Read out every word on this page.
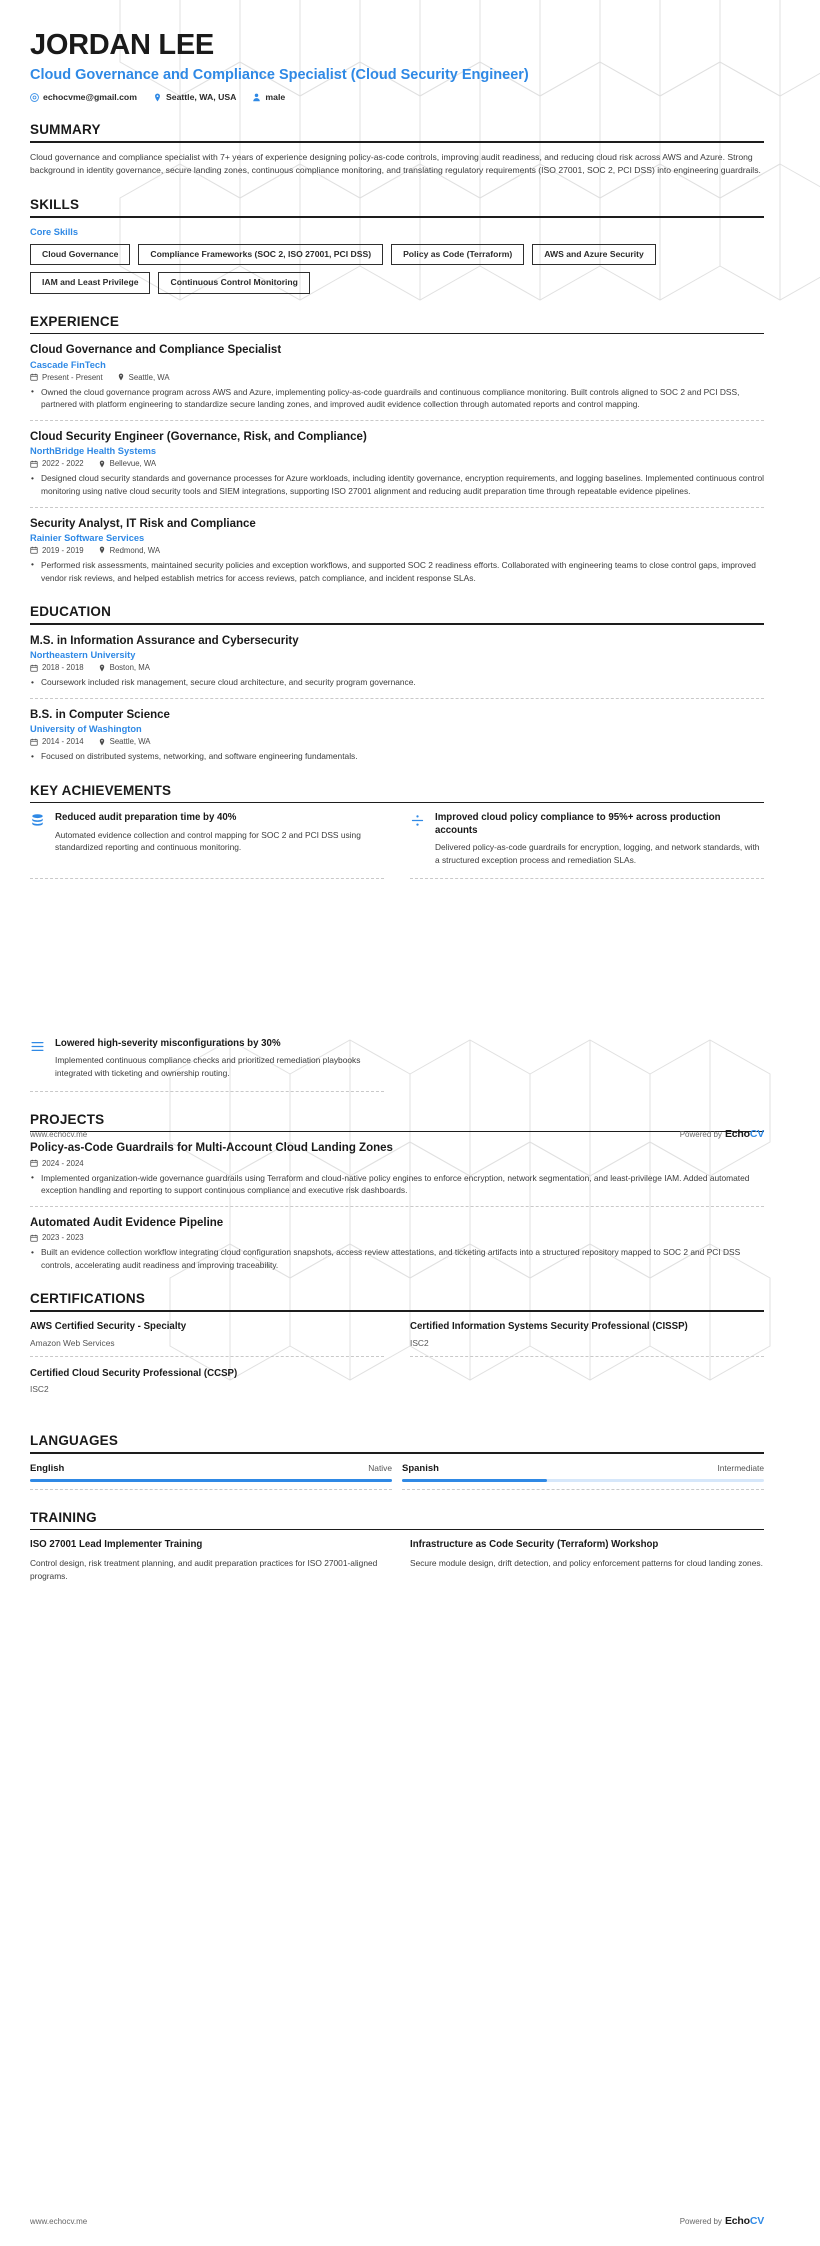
JORDAN LEE
Cloud Governance and Compliance Specialist (Cloud Security Engineer)
echocvme@gmail.com	Seattle, WA, USA	male
SUMMARY
Cloud governance and compliance specialist with 7+ years of experience designing policy-as-code controls, improving audit readiness, and reducing cloud risk across AWS and Azure. Strong background in identity governance, secure landing zones, continuous compliance monitoring, and translating regulatory requirements (ISO 27001, SOC 2, PCI DSS) into engineering guardrails.
SKILLS
Core Skills
Cloud Governance	Compliance Frameworks (SOC 2, ISO 27001, PCI DSS)	Policy as Code (Terraform)	AWS and Azure Security
IAM and Least Privilege	Continuous Control Monitoring
EXPERIENCE
Cloud Governance and Compliance Specialist
Cascade FinTech
Present - Present	Seattle, WA
• Owned the cloud governance program across AWS and Azure, implementing policy-as-code guardrails and continuous compliance monitoring. Built controls aligned to SOC 2 and PCI DSS, partnered with platform engineering to standardize secure landing zones, and improved audit evidence collection through automated reports and control mapping.
Cloud Security Engineer (Governance, Risk, and Compliance)
NorthBridge Health Systems
2022 - 2022	Bellevue, WA
• Designed cloud security standards and governance processes for Azure workloads, including identity governance, encryption requirements, and logging baselines. Implemented continuous control monitoring using native cloud security tools and SIEM integrations, supporting ISO 27001 alignment and reducing audit preparation time through repeatable evidence pipelines.
Security Analyst, IT Risk and Compliance
Rainier Software Services
2019 - 2019	Redmond, WA
• Performed risk assessments, maintained security policies and exception workflows, and supported SOC 2 readiness efforts. Collaborated with engineering teams to close control gaps, improved vendor risk reviews, and helped establish metrics for access reviews, patch compliance, and incident response SLAs.
EDUCATION
M.S. in Information Assurance and Cybersecurity
Northeastern University
2018 - 2018	Boston, MA
• Coursework included risk management, secure cloud architecture, and security program governance.
B.S. in Computer Science
University of Washington
2014 - 2014	Seattle, WA
• Focused on distributed systems, networking, and software engineering fundamentals.
KEY ACHIEVEMENTS
Reduced audit preparation time by 40%
Automated evidence collection and control mapping for SOC 2 and PCI DSS using standardized reporting and continuous monitoring.
Improved cloud policy compliance to 95%+ across production accounts
Delivered policy-as-code guardrails for encryption, logging, and network standards, with a structured exception process and remediation SLAs.
Lowered high-severity misconfigurations by 30%
Implemented continuous compliance checks and prioritized remediation playbooks integrated with ticketing and ownership routing.
PROJECTS
Policy-as-Code Guardrails for Multi-Account Cloud Landing Zones
2024 - 2024
• Implemented organization-wide governance guardrails using Terraform and cloud-native policy engines to enforce encryption, network segmentation, and least-privilege IAM. Added automated exception handling and reporting to support continuous compliance and executive risk dashboards.
Automated Audit Evidence Pipeline
2023 - 2023
• Built an evidence collection workflow integrating cloud configuration snapshots, access review attestations, and ticketing artifacts into a structured repository mapped to SOC 2 and PCI DSS controls, accelerating audit readiness and improving traceability.
CERTIFICATIONS
AWS Certified Security - Specialty
Amazon Web Services
Certified Information Systems Security Professional (CISSP)
ISC2
Certified Cloud Security Professional (CCSP)
ISC2
LANGUAGES
English	Native Spanish	Intermediate
TRAINING
ISO 27001 Lead Implementer Training
Control design, risk treatment planning, and audit preparation practices for ISO 27001-aligned programs.
Infrastructure as Code Security (Terraform) Workshop
Secure module design, drift detection, and policy enforcement patterns for cloud landing zones.
www.echocv.me	Powered by EchoCV
www.echocv.me	Powered by EchoCV
